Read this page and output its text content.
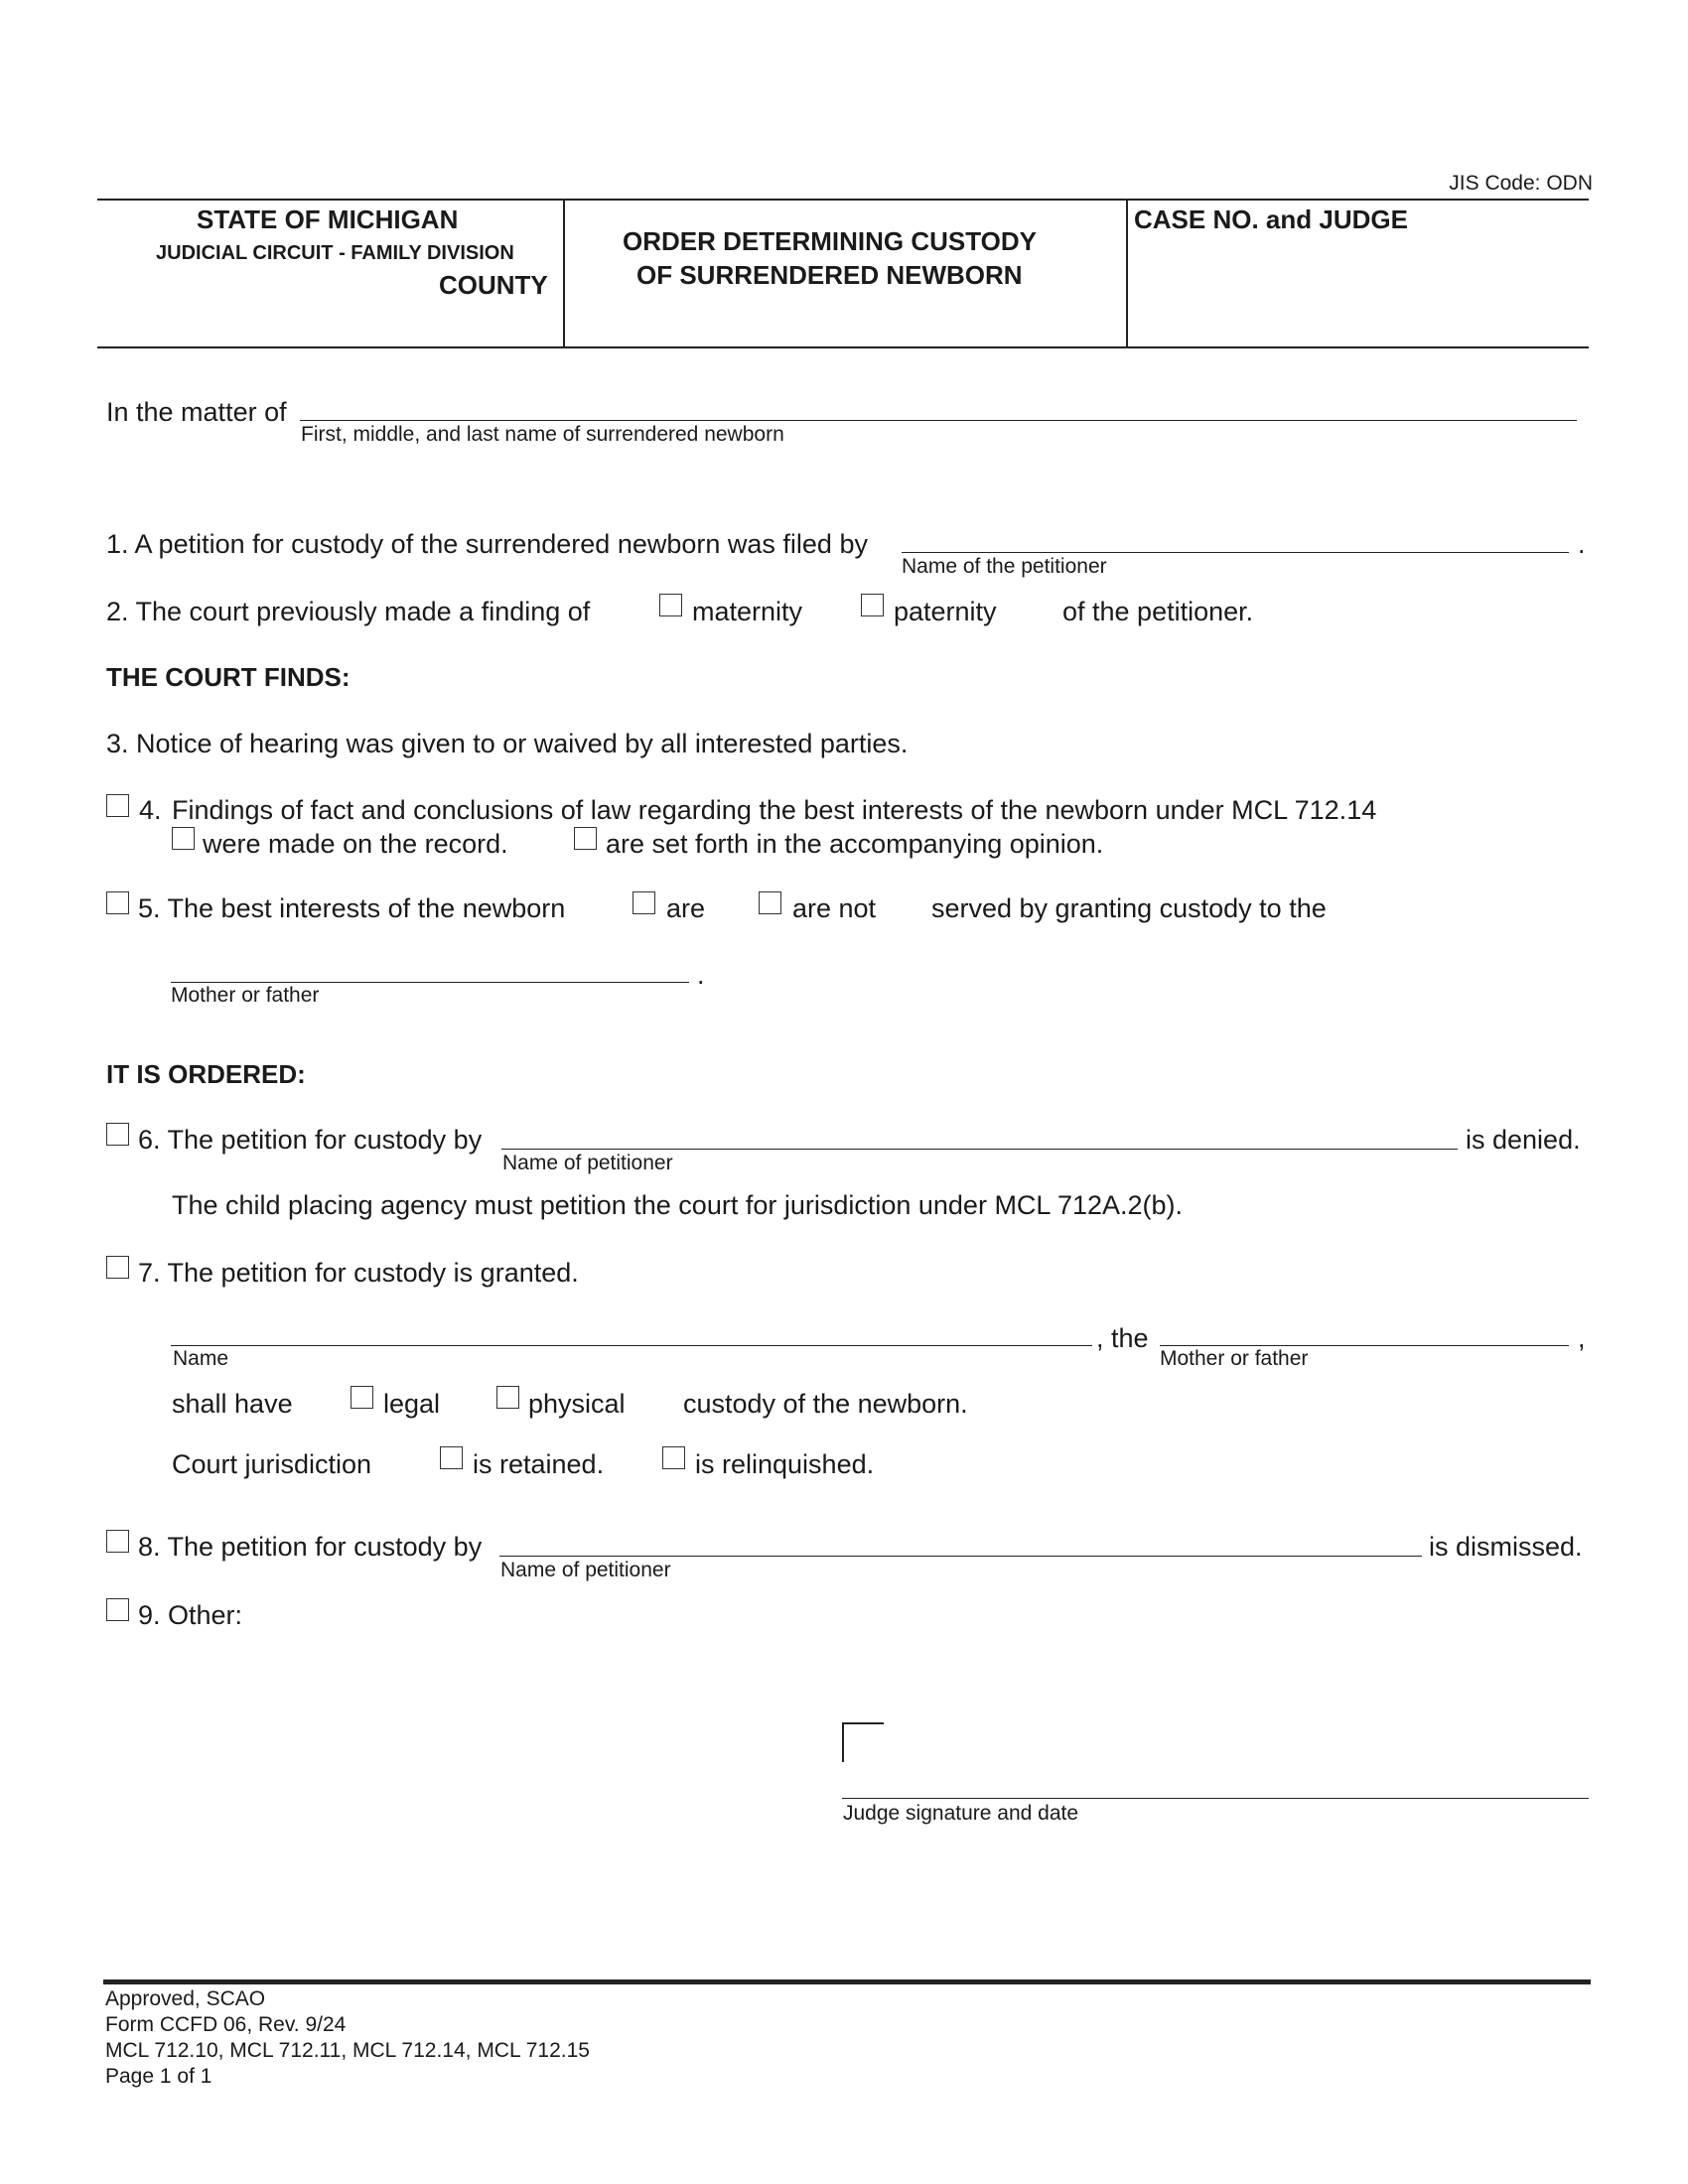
JIS Code: ODN
STATE OF MICHIGAN
JUDICIAL CIRCUIT - FAMILY DIVISION
COUNTY
ORDER DETERMINING CUSTODY
OF SURRENDERED NEWBORN
CASE NO. and JUDGE
In the matter of
First, middle, and last name of surrendered newborn
1. A petition for custody of the surrendered newborn was filed by
Name of the petitioner
.
2. The court previously made a finding of	maternity	paternity of the petitioner.
THE COURT FINDS:
3. Notice of hearing was given to or waived by all interested parties.
4. Findings of fact and conclusions of law regarding the best interests of the newborn under MCL 712.14
were made on the record.	are set forth in the accompanying opinion.
5. The best interests of the newborn	are	are not served by granting custody to the
.
Mother or father
IT IS ORDERED:
6. The petition for custody by
Name of petitioner
is denied.
The child placing agency must petition the court for jurisdiction under MCL 712A.2(b).
7. The petition for custody is granted.
Name
, the
Mother or father
,
shall have	legal	physical custody of the newborn.
Court jurisdiction	is retained.	is relinquished.
8. The petition for custody by
Name of petitioner
is dismissed.
9. Other:
Judge signature and date
Approved, SCAO
Form CCFD 06, Rev. 9/24
MCL 712.10, MCL 712.11, MCL 712.14, MCL 712.15
Page 1 of 1
